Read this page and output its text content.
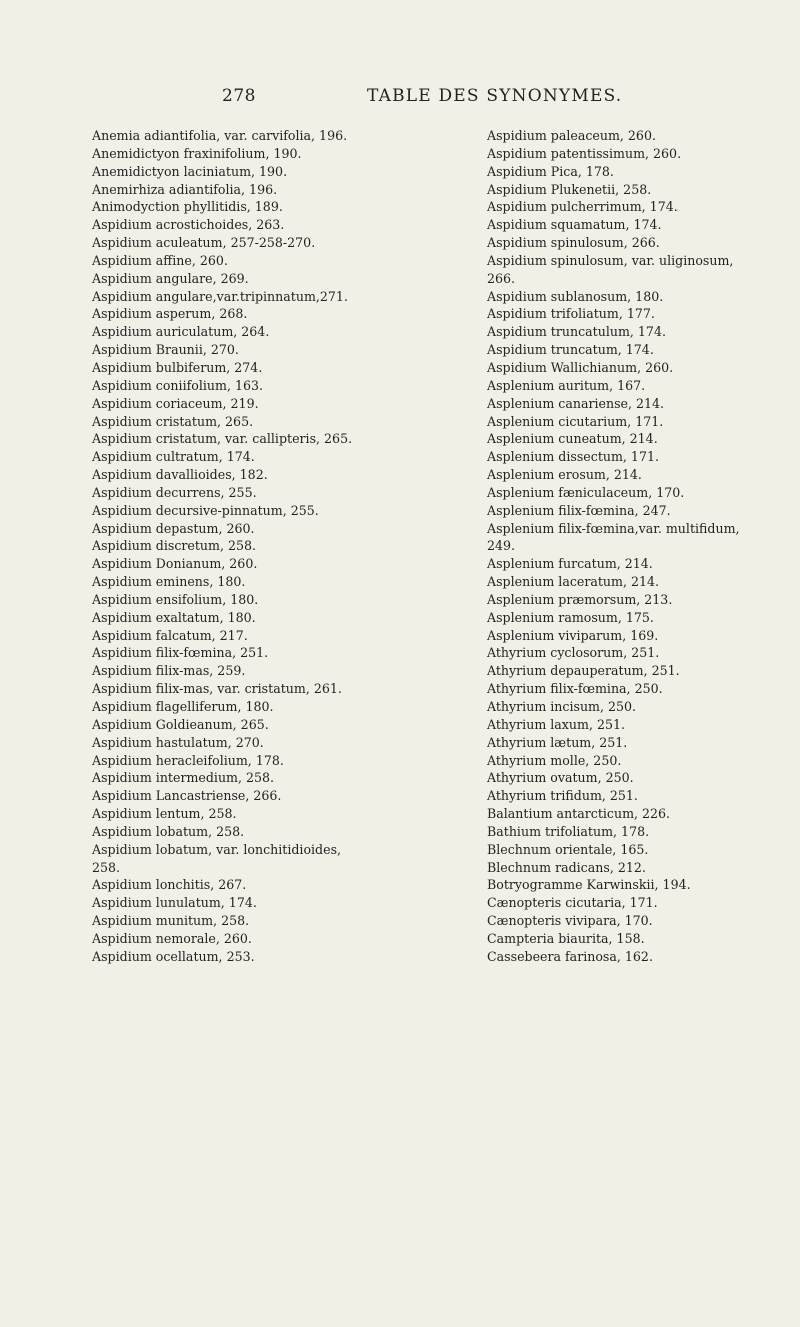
278	TABLE DES SYNONYMES.
Anemia adiantifolia, var. carvifolia, 196.
Anemidictyon fraxinifolium, 190.
Anemidictyon laciniatum, 190.
Anemirhiza adiantifolia, 196.
Animodyction phyllitidis, 189.
Aspidium acrostichoides, 263.
Aspidium aculeatum, 257-258-270.
Aspidium affine, 260.
Aspidium angulare, 269.
Aspidium angulare,var.tripinnatum,271.
Aspidium asperum, 268.
Aspidium auriculatum, 264.
Aspidium Braunii, 270.
Aspidium bulbiferum, 274.
Aspidium coniifolium, 163.
Aspidium coriaceum, 219.
Aspidium cristatum, 265.
Aspidium cristatum, var. callipteris, 265.
Aspidium cultratum, 174.
Aspidium davallioides, 182.
Aspidium decurrens, 255.
Aspidium decursive-pinnatum, 255.
Aspidium depastum, 260.
Aspidium discretum, 258.
Aspidium Donianum, 260.
Aspidium eminens, 180.
Aspidium ensifolium, 180.
Aspidium exaltatum, 180.
Aspidium falcatum, 217.
Aspidium filix-fœmina, 251.
Aspidium filix-mas, 259.
Aspidium filix-mas, var. cristatum, 261.
Aspidium flagelliferum, 180.
Aspidium Goldieanum, 265.
Aspidium hastulatum, 270.
Aspidium heracleifolium, 178.
Aspidium intermedium, 258.
Aspidium Lancastriense, 266.
Aspidium lentum, 258.
Aspidium lobatum, 258.
Aspidium lobatum, var. lonchitidioides,
258.
Aspidium lonchitis, 267.
Aspidium lunulatum, 174.
Aspidium munitum, 258.
Aspidium nemorale, 260.
Aspidium ocellatum, 253.
Aspidium paleaceum, 260.
Aspidium patentissimum, 260.
Aspidium Pica, 178.
Aspidium Plukenetii, 258.
Aspidium pulcherrimum, 174.
Aspidium squamatum, 174.
Aspidium spinulosum, 266.
Aspidium spinulosum, var. uliginosum,
266.
Aspidium sublanosum, 180.
Aspidium trifoliatum, 177.
Aspidium truncatulum, 174.
Aspidium truncatum, 174.
Aspidium Wallichianum, 260.
Asplenium auritum, 167.
Asplenium canariense, 214.
Asplenium cicutarium, 171.
Asplenium cuneatum, 214.
Asplenium dissectum, 171.
Asplenium erosum, 214.
Asplenium fæniculaceum, 170.
Asplenium filix-fœmina, 247.
Asplenium filix-fœmina,var. multifidum,
249.
Asplenium furcatum, 214.
Asplenium laceratum, 214.
Asplenium præmorsum, 213.
Asplenium ramosum, 175.
Asplenium viviparum, 169.
Athyrium cyclosorum, 251.
Athyrium depauperatum, 251.
Athyrium filix-fœmina, 250.
Athyrium incisum, 250.
Athyrium laxum, 251.
Athyrium lætum, 251.
Athyrium molle, 250.
Athyrium ovatum, 250.
Athyrium trifidum, 251.
Balantium antarcticum, 226.
Bathium trifoliatum, 178.
Blechnum orientale, 165.
Blechnum radicans, 212.
Botryogramme Karwinskii, 194.
Cænopteris cicutaria, 171.
Cænopteris vivipara, 170.
Campteria biaurita, 158.
Cassebeera farinosa, 162.
